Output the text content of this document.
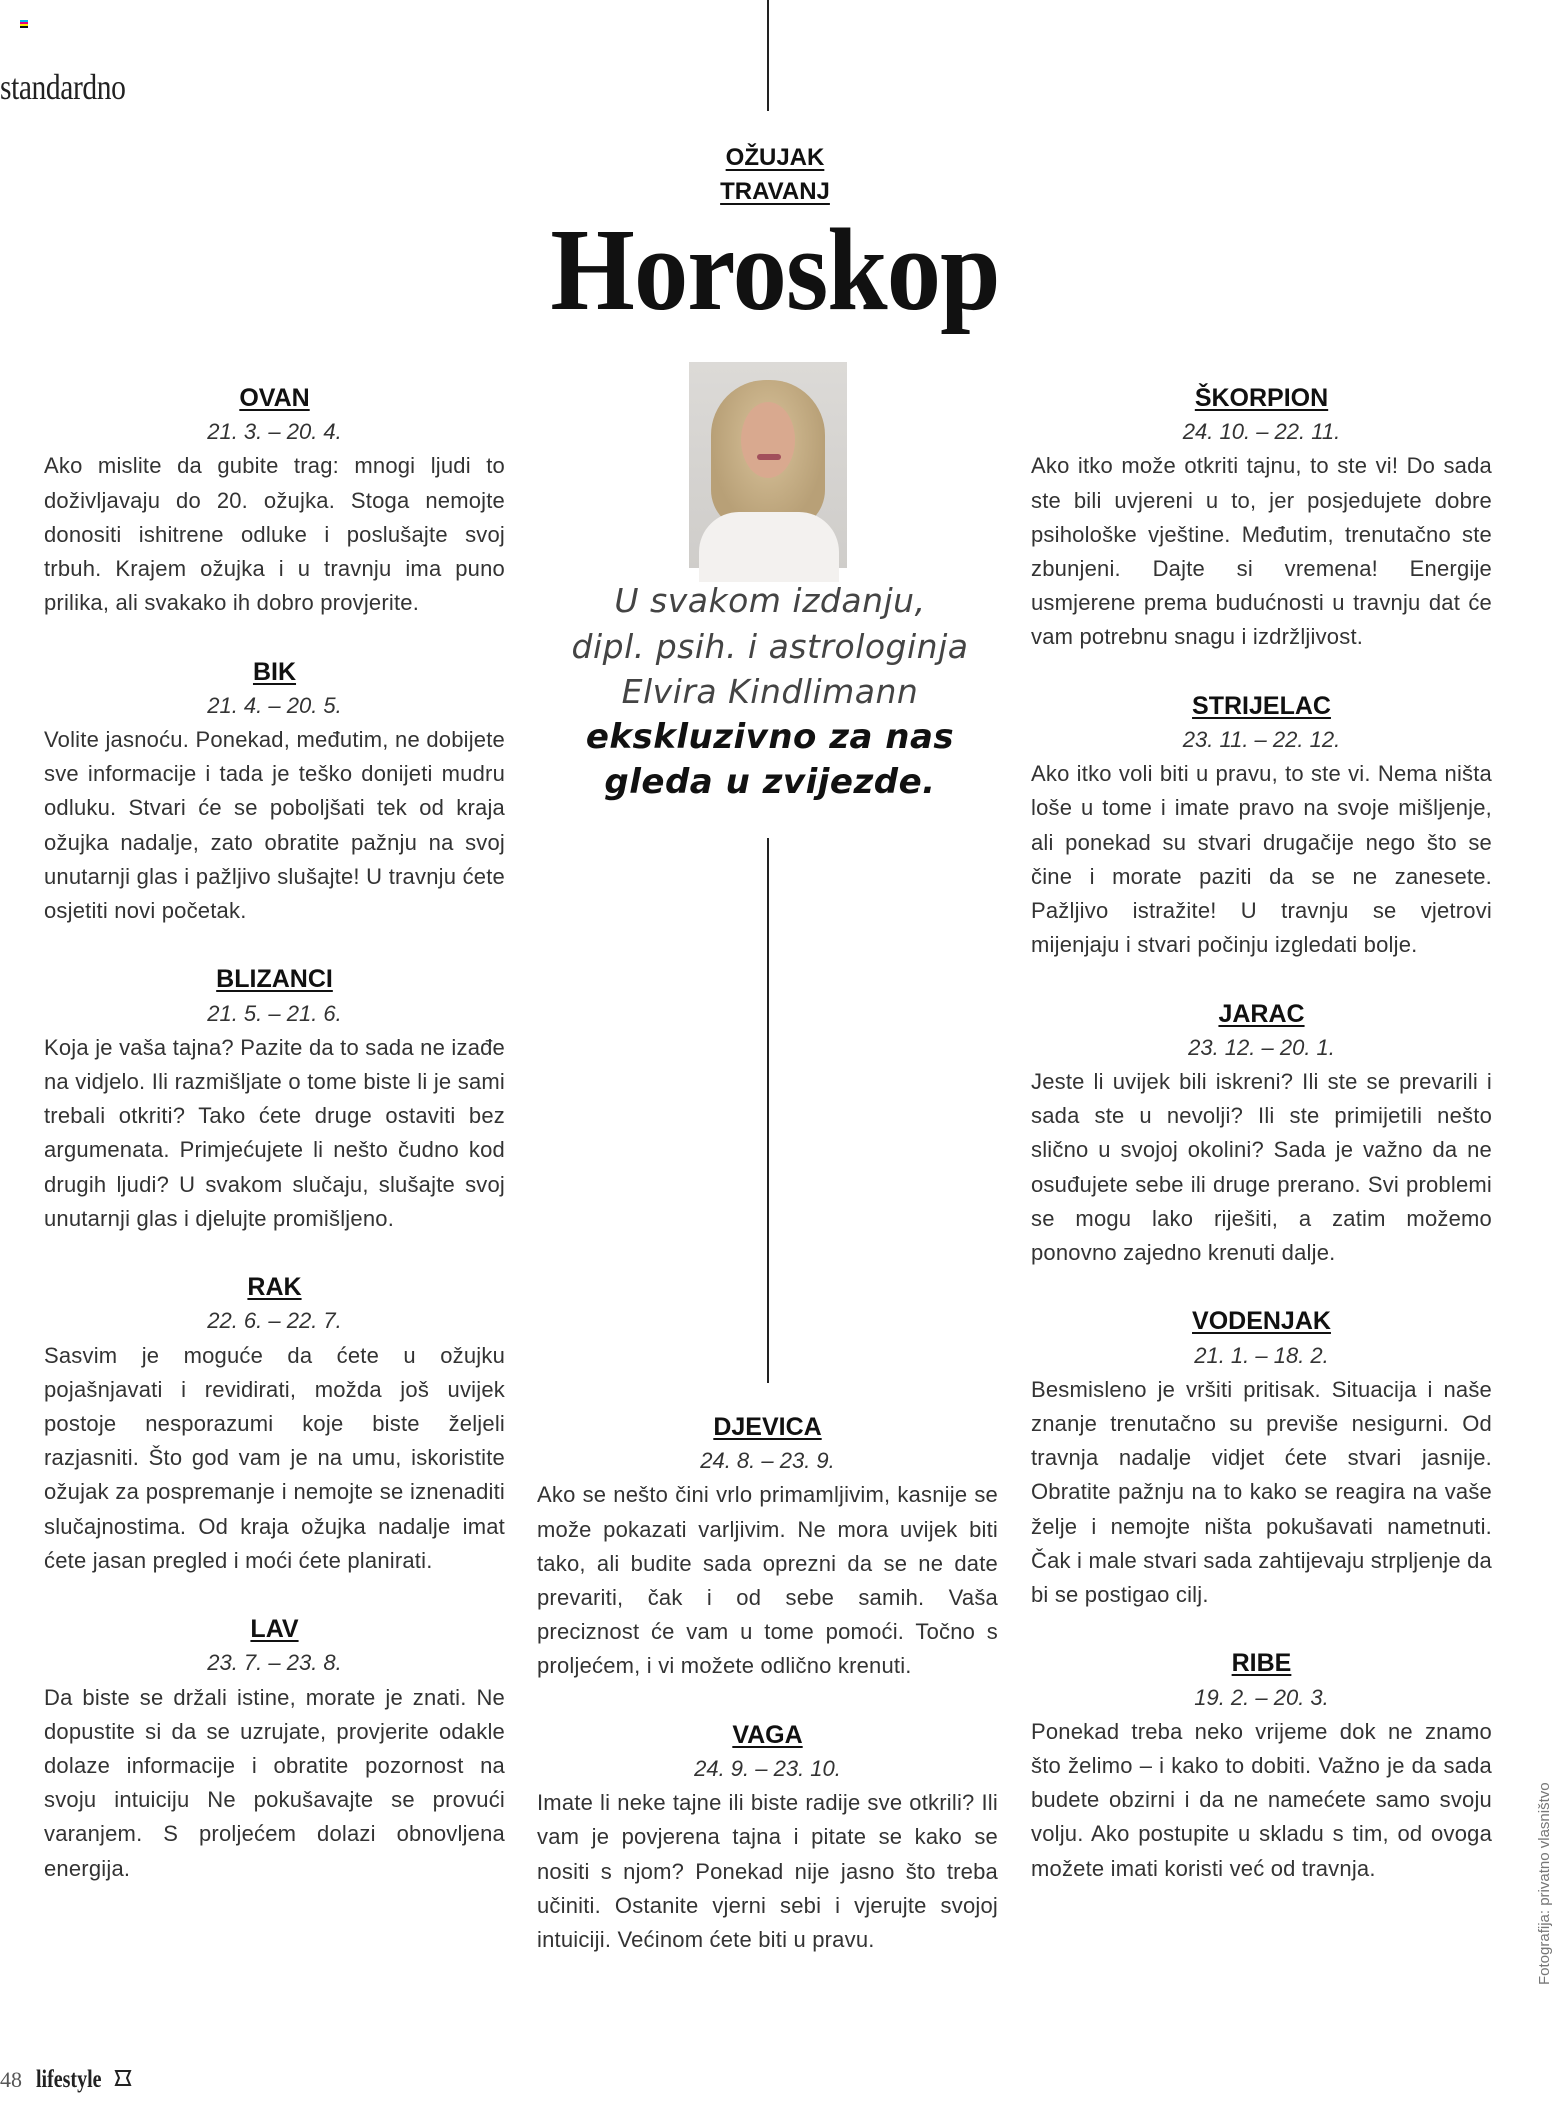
standardno
OŽUJAK
TRAVANJ
Horoskop
U svakom izdanju,
dipl. psih. i astrologinja
Elvira Kindlimann
ekskluzivno za nas
gleda u zvijezde.
OVAN
21. 3. – 20. 4.

Ako mislite da gubite trag: mnogi ljudi to doživljavaju do 20. ožujka. Stoga nemojte donositi ishitrene odluke i poslušajte svoj trbuh. Krajem ožujka i u travnju ima puno prilika, ali svakako ih dobro provjerite.

BIK
21. 4. – 20. 5.

Volite jasnoću. Ponekad, međutim, ne dobijete sve informacije i tada je teško donijeti mudru odluku. Stvari će se poboljšati tek od kraja ožujka nadalje, zato obratite pažnju na svoj unutarnji glas i pažljivo slušajte! U travnju ćete osjetiti novi početak.

BLIZANCI
21. 5. – 21. 6.

Koja je vaša tajna? Pazite da to sada ne izađe na vidjelo. Ili razmišljate o tome biste li je sami trebali otkriti? Tako ćete druge ostaviti bez argumenata. Primjećujete li nešto čudno kod drugih ljudi? U svakom slučaju, slušajte svoj unutarnji glas i djelujte promišljeno.

RAK
22. 6. – 22. 7.

Sasvim je moguće da ćete u ožujku pojašnjavati i revidirati, možda još uvijek postoje nesporazumi koje biste željeli razjasniti. Što god vam je na umu, iskoristite ožujak za pospremanje i nemojte se iznenaditi slučajnostima. Od kraja ožujka nadalje imat ćete jasan pregled i moći ćete planirati.

LAV
23. 7. – 23. 8.

Da biste se držali istine, morate je znati. Ne dopustite si da se uzrujate, provjerite odakle dolaze informacije i obratite pozornost na svoju intuiciju Ne pokušavajte se provući varanjem. S proljećem dolazi obnovljena energija.

DJEVICA
24. 8. – 23. 9.

Ako se nešto čini vrlo primamljivim, kasnije se može pokazati varljivim. Ne mora uvijek biti tako, ali budite sada oprezni da se ne date prevariti, čak i od sebe samih. Vaša preciznost će vam u tome pomoći. Točno s proljećem, i vi možete odlično krenuti.

VAGA
24. 9. – 23. 10.

Imate li neke tajne ili biste radije sve otkrili? Ili vam je povjerena tajna i pitate se kako se nositi s njom? Ponekad nije jasno što treba učiniti. Ostanite vjerni sebi i vjerujte svojoj intuiciji. Većinom ćete biti u pravu.

ŠKORPION
24. 10. – 22. 11.

Ako itko može otkriti tajnu, to ste vi! Do sada ste bili uvjereni u to, jer posjedujete dobre psihološke vještine. Međutim, trenutačno ste zbunjeni. Dajte si vremena! Energije usmjerene prema budućnosti u travnju dat će vam potrebnu snagu i izdržljivost.

STRIJELAC
23. 11. – 22. 12.

Ako itko voli biti u pravu, to ste vi. Nema ništa loše u tome i imate pravo na svoje mišljenje, ali ponekad su stvari drugačije nego što se čine i morate paziti da se ne zanesete. Pažljivo istražite! U travnju se vjetrovi mijenjaju i stvari počinju izgledati bolje.

JARAC
23. 12. – 20. 1.

Jeste li uvijek bili iskreni? Ili ste se prevarili i sada ste u nevolji? Ili ste primijetili nešto slično u svojoj okolini? Sada je važno da ne osuđujete sebe ili druge prerano. Svi problemi se mogu lako riješiti, a zatim možemo ponovno zajedno krenuti dalje.

VODENJAK
21. 1. – 18. 2.

Besmisleno je vršiti pritisak. Situacija i naše znanje trenutačno su previše nesigurni. Od travnja nadalje vidjet ćete stvari jasnije. Obratite pažnju na to kako se reagira na vaše želje i nemojte ništa pokušavati nametnuti. Čak i male stvari sada zahtijevaju strpljenje da bi se postigao cilj.

RIBE
19. 2. – 20. 3.

Ponekad treba neko vrijeme dok ne znamo što želimo – i kako to dobiti. Važno je da sada budete obzirni i da ne namećete samo svoju volju. Ako postupite u skladu s tim, od ovoga možete imati koristi već od travnja.	Fotografija: privatno vlasništvo
48 lifestyle
